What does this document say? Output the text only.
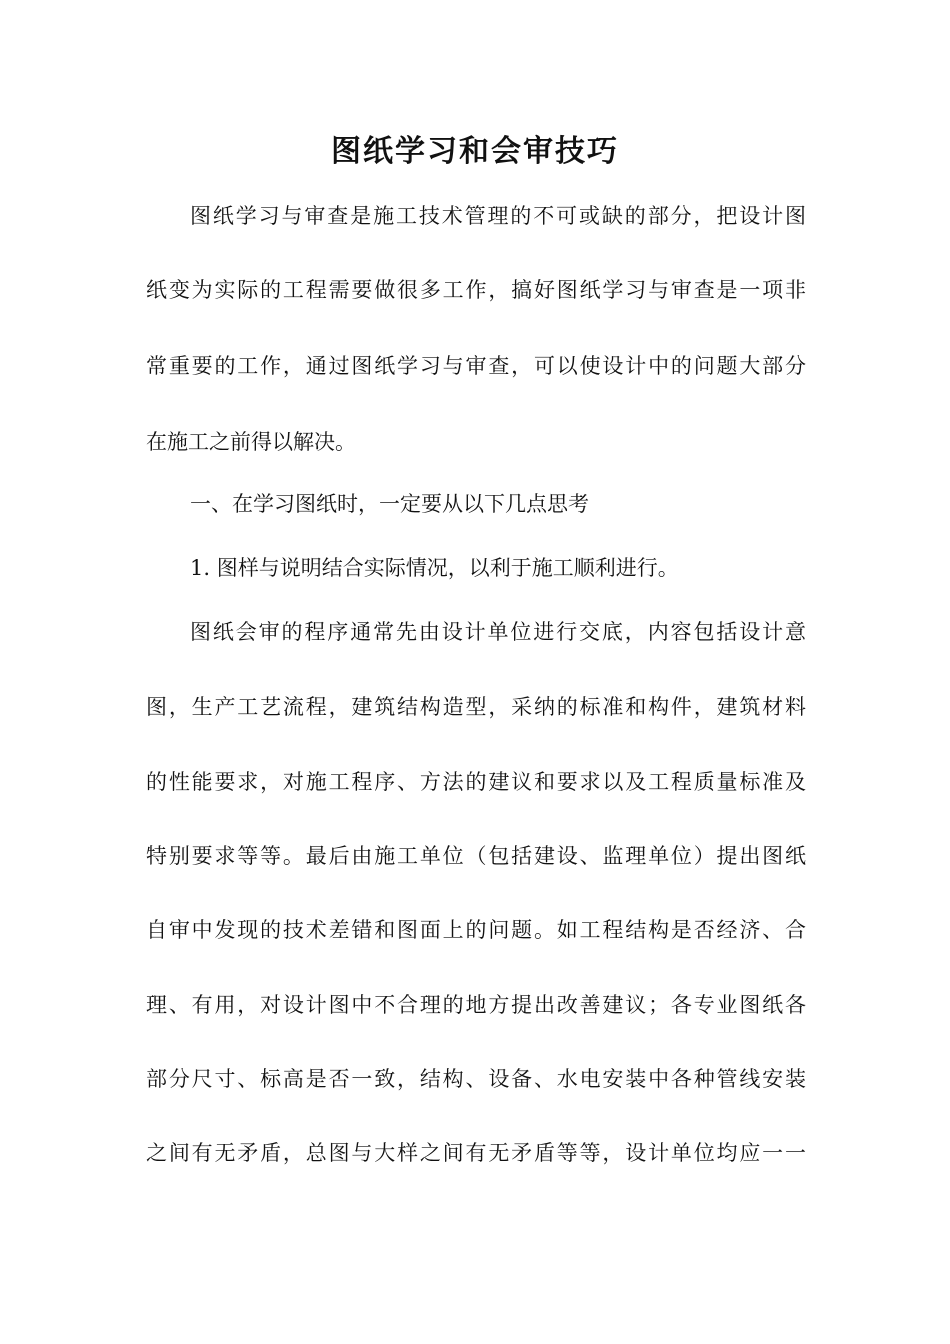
图纸学习和会审技巧

图纸学习与审查是施工技术管理的不可或缺的部分，把设计图

纸变为实际的工程需要做很多工作，搞好图纸学习与审查是一项非

常重要的工作，通过图纸学习与审查，可以使设计中的问题大部分

在施工之前得以解决。

一、在学习图纸时，一定要从以下几点思考

1. 图样与说明结合实际情况，以利于施工顺利进行。

图纸会审的程序通常先由设计单位进行交底，内容包括设计意

图，生产工艺流程，建筑结构造型，采纳的标准和构件，建筑材料

的性能要求，对施工程序、方法的建议和要求以及工程质量标准及

特别要求等等。最后由施工单位（包括建设、监理单位）提出图纸

自审中发现的技术差错和图面上的问题。如工程结构是否经济、合

理、有用，对设计图中不合理的地方提出改善建议；各专业图纸各

部分尺寸、标高是否一致，结构、设备、水电安装中各种管线安装

之间有无矛盾，总图与大样之间有无矛盾等等，设计单位均应一一
